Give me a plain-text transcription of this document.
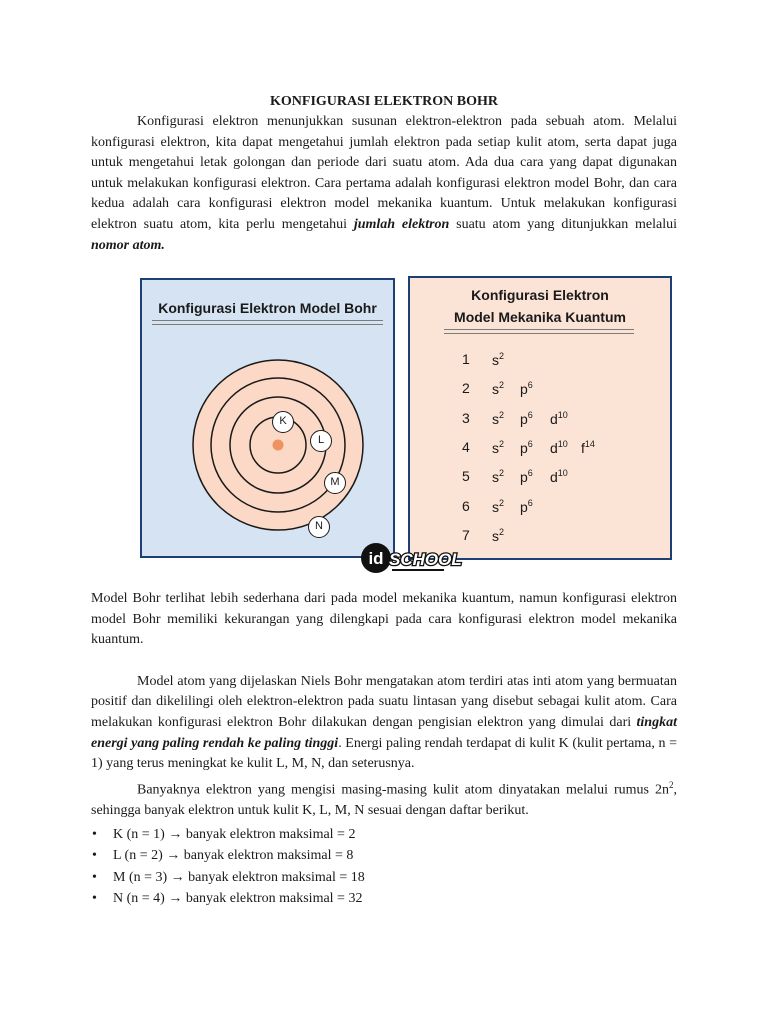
KONFIGURASI ELEKTRON BOHR

Konfigurasi elektron menunjukkan susunan elektron-elektron pada sebuah atom. Melalui konfigurasi elektron, kita dapat mengetahui jumlah elektron pada setiap kulit atom, serta dapat juga untuk mengetahui letak golongan dan periode dari suatu atom. Ada dua cara yang dapat digunakan untuk melakukan konfigurasi elektron. Cara pertama adalah konfigurasi elektron model Bohr, dan cara kedua adalah cara konfigurasi elektron model mekanika kuantum. Untuk melakukan konfigurasi elektron suatu atom, kita perlu mengetahui jumlah elektron suatu atom yang ditunjukkan melalui nomor atom.

Konfigurasi Elektron Model Bohr
K
L
M
N
Konfigurasi Elektron
Model Mekanika Kuantum
1 $s^2$
2 $s^2$ $p^6$
3 $s^2$ $p^6$ $d^{10}$
4 $s^2$ $p^6$ $d^{10}$ $f^{14}$
5 $s^2$ $p^6$ $d^{10}$
6 $s^2$ $p^6$
7 $s^2$
id SCHOOL

Model Bohr terlihat lebih sederhana dari pada model mekanika kuantum, namun konfigurasi elektron model Bohr memiliki kekurangan yang dilengkapi pada cara konfigurasi elektron model mekanika kuantum.

Model atom yang dijelaskan Niels Bohr mengatakan atom terdiri atas inti atom yang bermuatan positif dan dikelilingi oleh elektron-elektron pada suatu lintasan yang disebut sebagai kulit atom. Cara melakukan konfigurasi elektron Bohr dilakukan dengan pengisian elektron yang dimulai dari tingkat energi yang paling rendah ke paling tinggi. Energi paling rendah terdapat di kulit K (kulit pertama, n = 1) yang terus meningkat ke kulit L, M, N, dan seterusnya.

Banyaknya elektron yang mengisi masing-masing kulit atom dinyatakan melalui rumus $2n^2$, sehingga banyak elektron untuk kulit K, L, M, N sesuai dengan daftar berikut.

• K (n = 1) → banyak elektron maksimal = 2
• L (n = 2) → banyak elektron maksimal = 8
• M (n = 3) → banyak elektron maksimal = 18
• N (n = 4) → banyak elektron maksimal = 32
